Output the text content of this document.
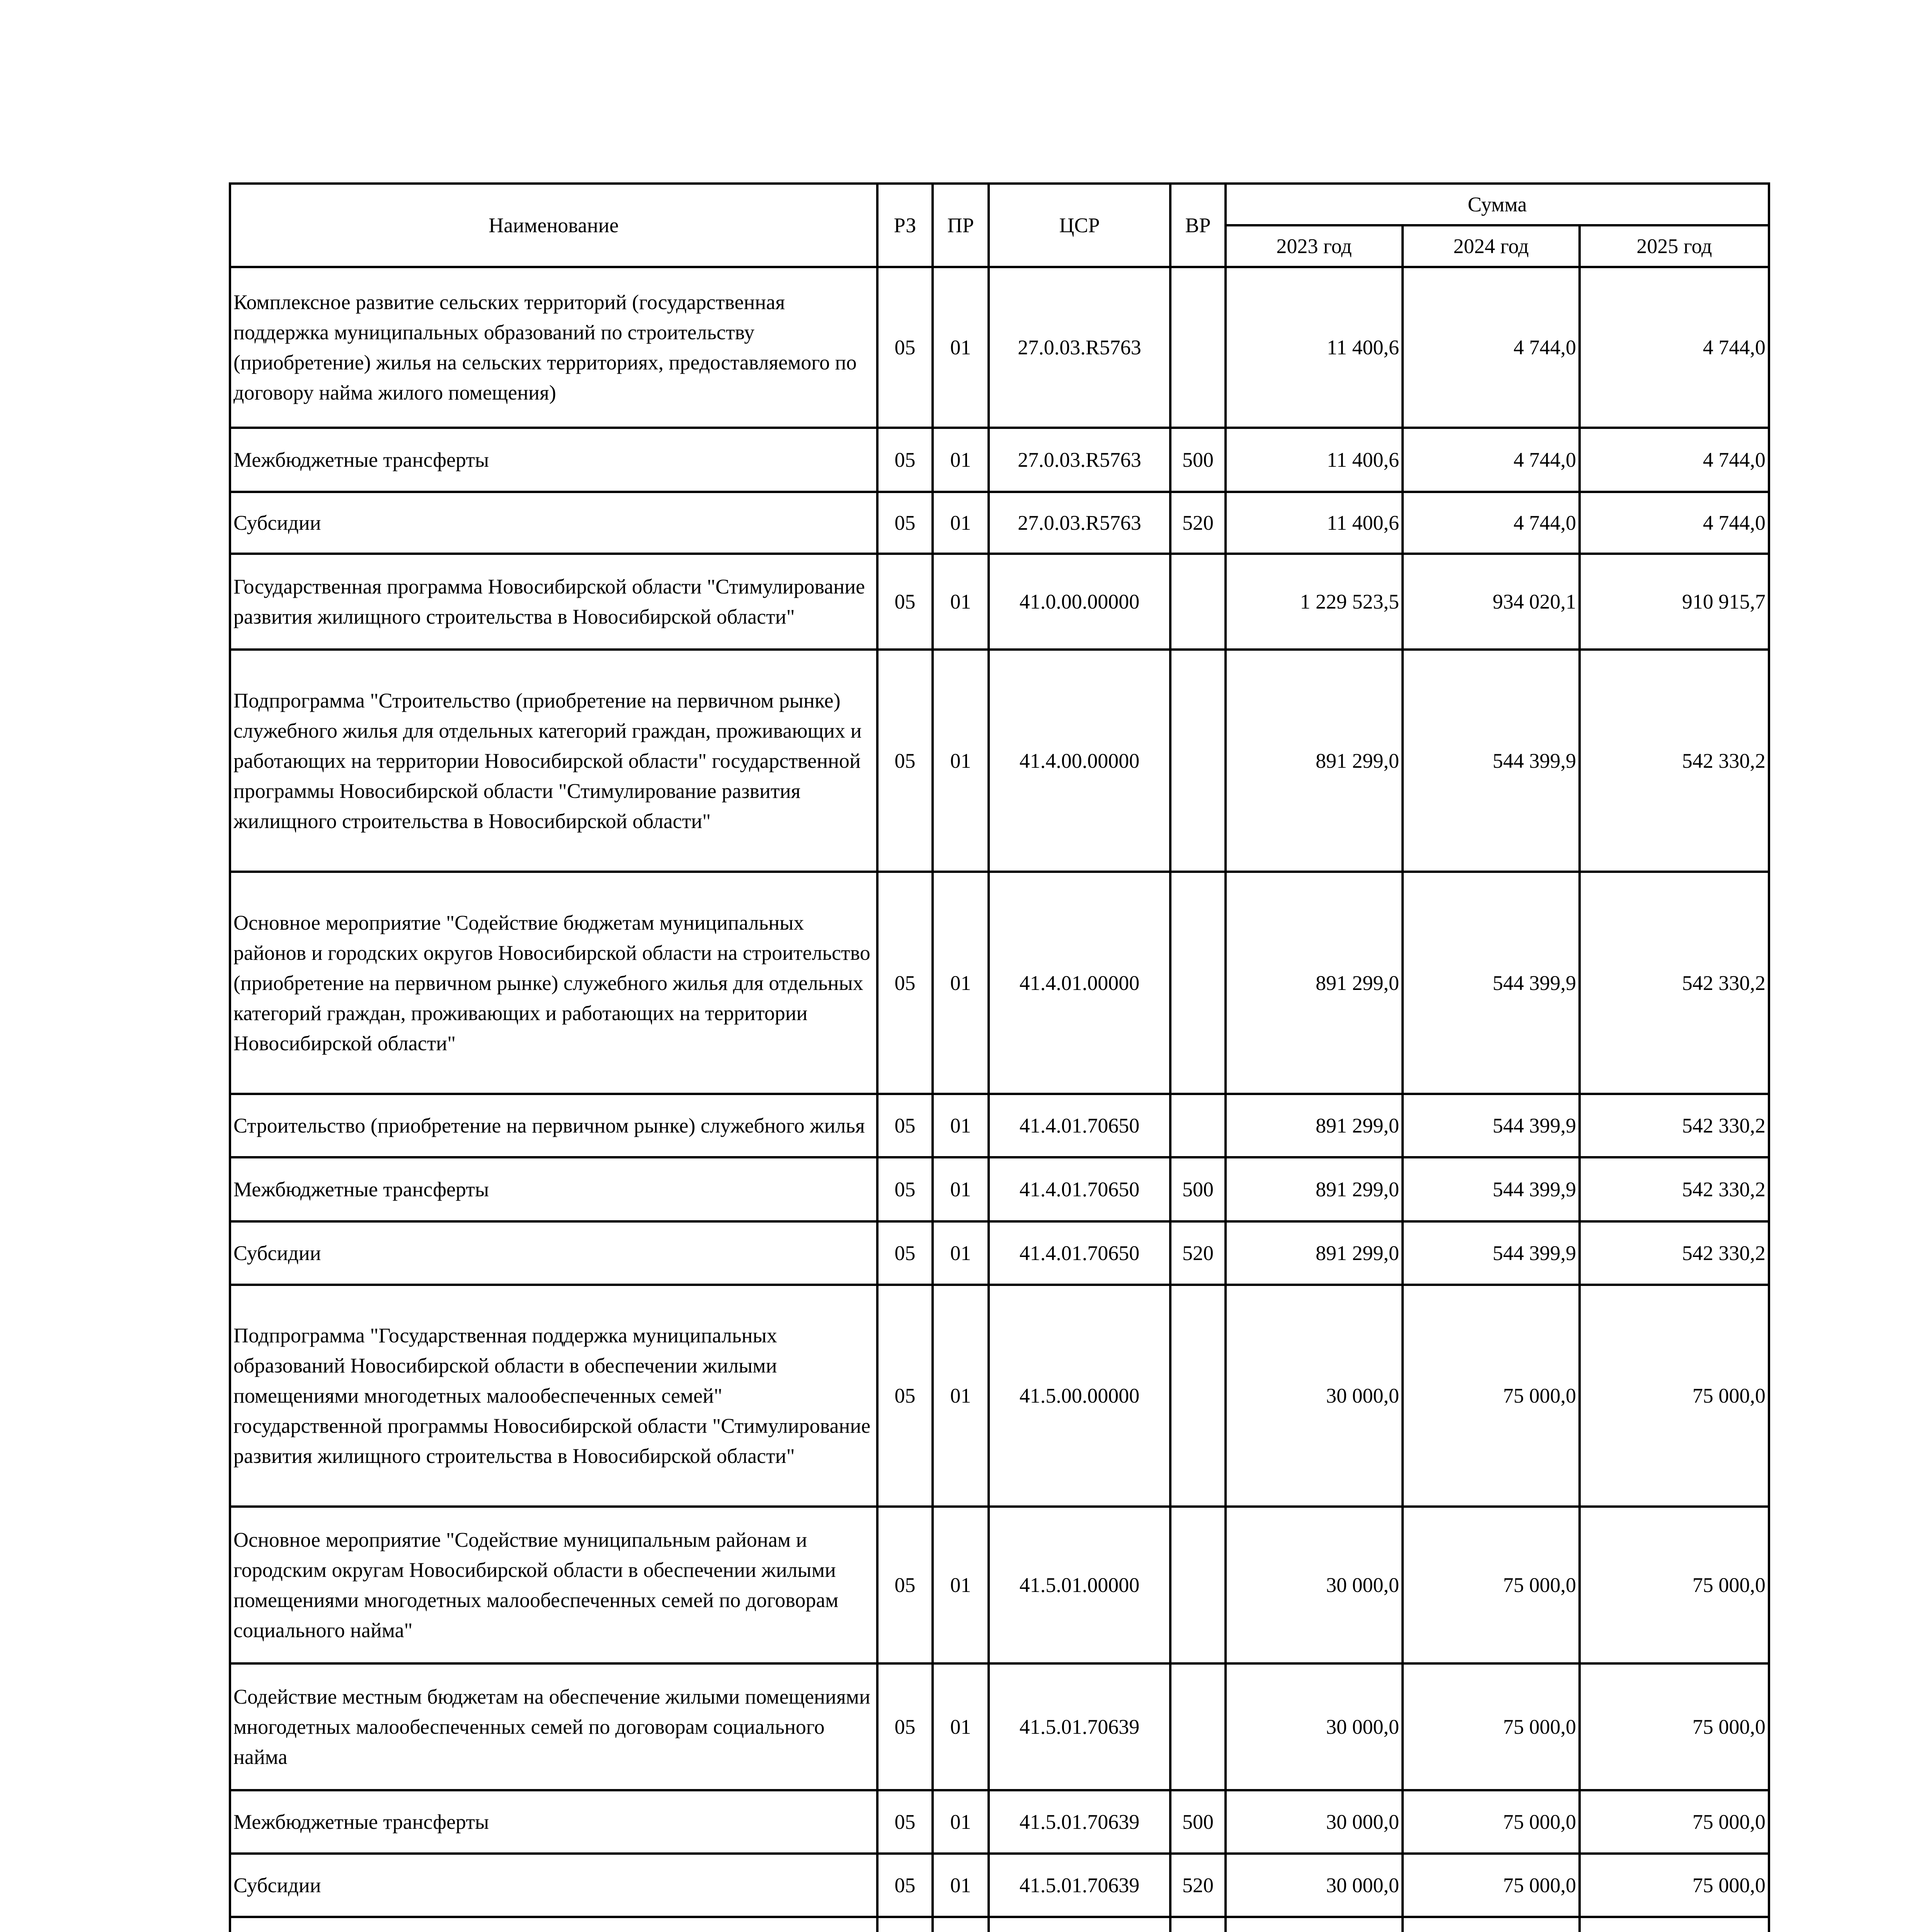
Наименование	РЗ	ПР	ЦСР	ВР	Сумма		
					2023 год	2024 год	2025 год
Комплексное развитие сельских территорий (государственная поддержка муниципальных образований по строительству (приобретение) жилья на сельских территориях, предоставляемого по договору найма жилого помещения)	05	01	27.0.03.R5763		11 400,6	4 744,0	4 744,0
Межбюджетные трансферты	05	01	27.0.03.R5763	500	11 400,6	4 744,0	4 744,0
Субсидии	05	01	27.0.03.R5763	520	11 400,6	4 744,0	4 744,0
Государственная программа Новосибирской области "Стимулирование развития жилищного строительства в Новосибирской области"	05	01	41.0.00.00000		1 229 523,5	934 020,1	910 915,7
Подпрограмма "Строительство (приобретение на первичном рынке) служебного жилья для отдельных категорий граждан, проживающих и работающих на территории Новосибирской области" государственной программы Новосибирской области "Стимулирование развития жилищного строительства в Новосибирской области"	05	01	41.4.00.00000		891 299,0	544 399,9	542 330,2
Основное мероприятие "Содействие бюджетам муниципальных районов и городских округов Новосибирской области на строительство (приобретение на первичном рынке) служебного жилья для отдельных категорий граждан, проживающих и работающих на территории Новосибирской области"	05	01	41.4.01.00000		891 299,0	544 399,9	542 330,2
Строительство (приобретение на первичном рынке) служебного жилья	05	01	41.4.01.70650		891 299,0	544 399,9	542 330,2
Межбюджетные трансферты	05	01	41.4.01.70650	500	891 299,0	544 399,9	542 330,2
Субсидии	05	01	41.4.01.70650	520	891 299,0	544 399,9	542 330,2
Подпрограмма "Государственная поддержка муниципальных образований Новосибирской области в обеспечении жилыми помещениями многодетных малообеспеченных семей" государственной программы Новосибирской области "Стимулирование развития жилищного строительства в Новосибирской области"	05	01	41.5.00.00000		30 000,0	75 000,0	75 000,0
Основное мероприятие "Содействие муниципальным районам и городским округам Новосибирской области в обеспечении жилыми помещениями многодетных малообеспеченных семей по договорам социального найма"	05	01	41.5.01.00000		30 000,0	75 000,0	75 000,0
Содействие местным бюджетам на обеспечение жилыми помещениями многодетных малообеспеченных семей по договорам социального найма	05	01	41.5.01.70639		30 000,0	75 000,0	75 000,0
Межбюджетные трансферты	05	01	41.5.01.70639	500	30 000,0	75 000,0	75 000,0
Субсидии	05	01	41.5.01.70639	520	30 000,0	75 000,0	75 000,0
